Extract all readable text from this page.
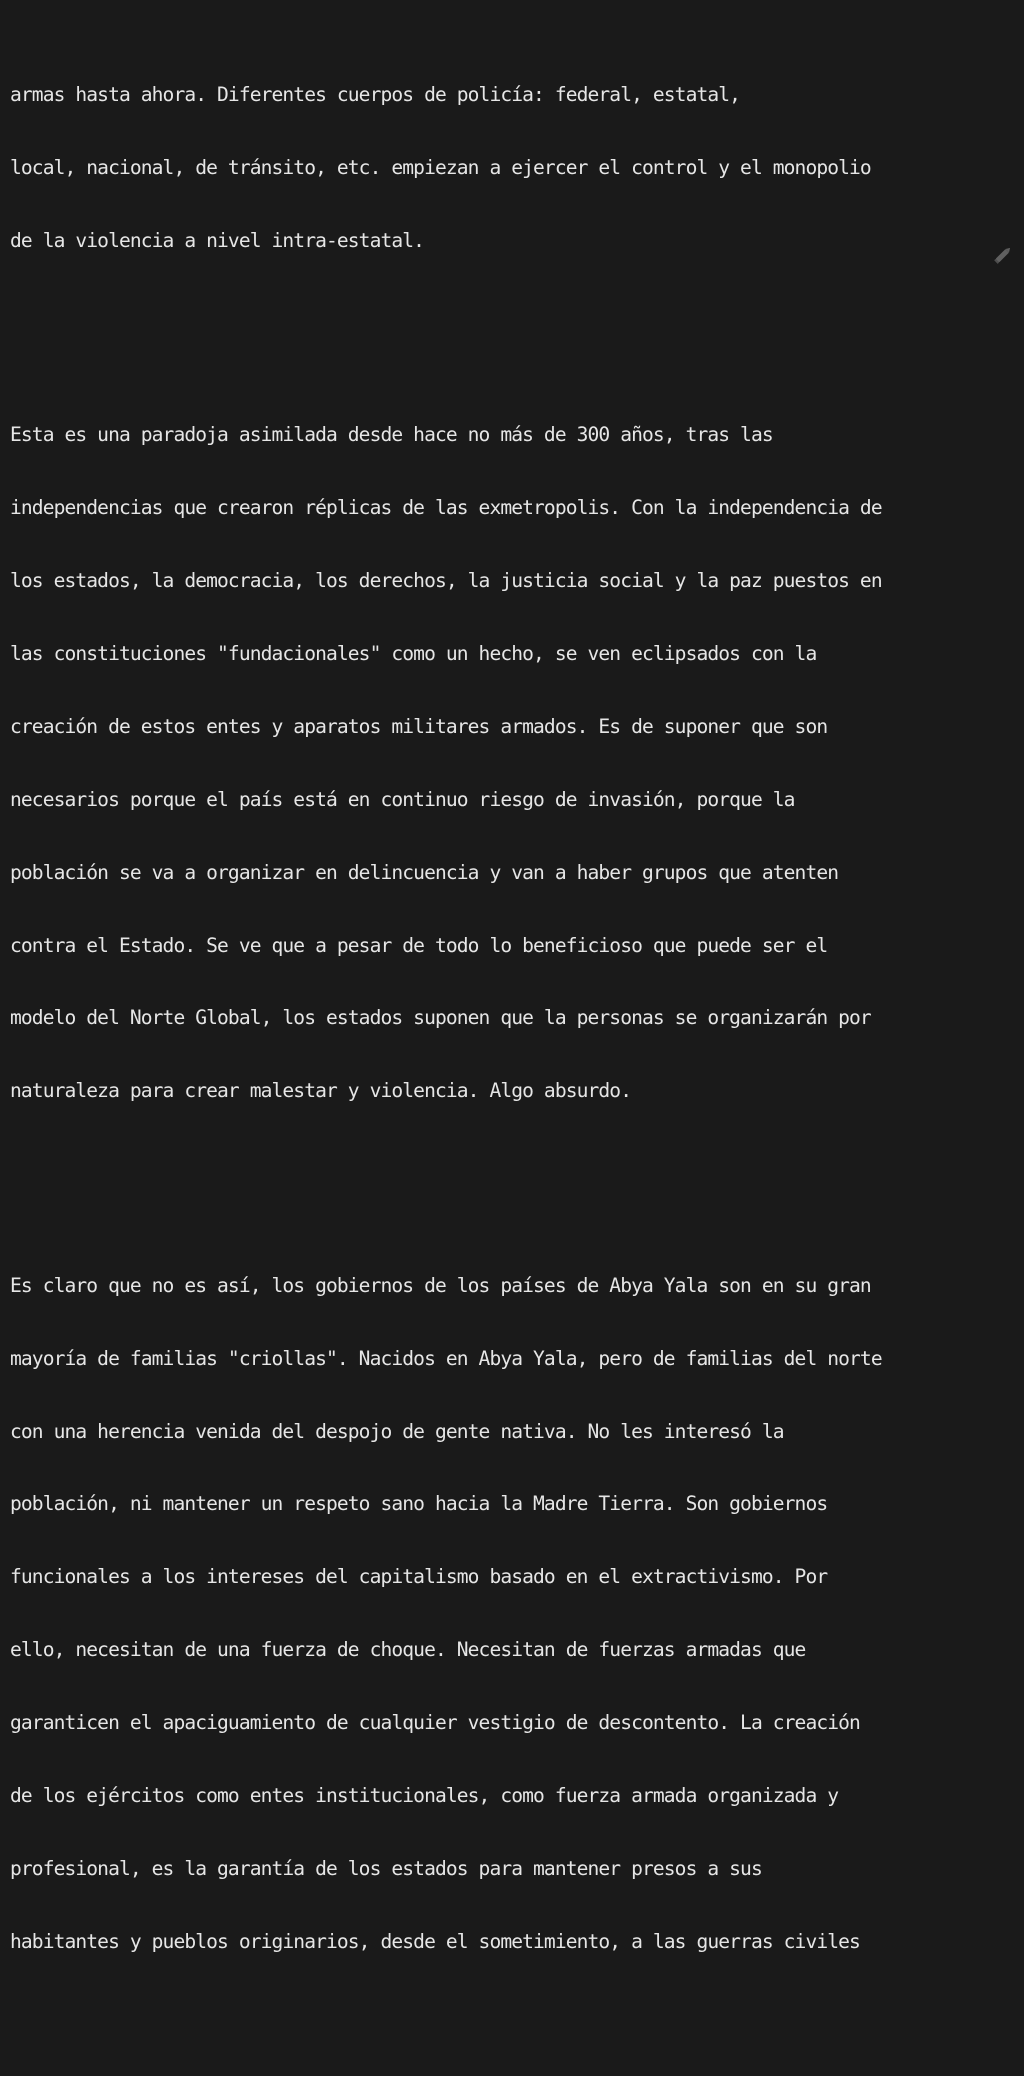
armas hasta ahora. Diferentes cuerpos de policía: federal, estatal,

local, nacional, de tránsito, etc. empiezan a ejercer el control y el monopolio

de la violencia a nivel intra-estatal.

Esta es una paradoja asimilada desde hace no más de 300 años, tras las

independencias que crearon réplicas de las exmetropolis. Con la independencia de

los estados, la democracia, los derechos, la justicia social y la paz puestos en

las constituciones "fundacionales" como un hecho, se ven eclipsados con la

creación de estos entes y aparatos militares armados. Es de suponer que son

necesarios porque el país está en continuo riesgo de invasión, porque la

población se va a organizar en delincuencia y van a haber grupos que atenten

contra el Estado. Se ve que a pesar de todo lo beneficioso que puede ser el

modelo del Norte Global, los estados suponen que la personas se organizarán por

naturaleza para crear malestar y violencia. Algo absurdo.

Es claro que no es así, los gobiernos de los países de Abya Yala son en su gran

mayoría de familias "criollas". Nacidos en Abya Yala, pero de familias del norte

con una herencia venida del despojo de gente nativa. No les interesó la

población, ni mantener un respeto sano hacia la Madre Tierra. Son gobiernos

funcionales a los intereses del capitalismo basado en el extractivismo. Por

ello, necesitan de una fuerza de choque. Necesitan de fuerzas armadas que

garanticen el apaciguamiento de cualquier vestigio de descontento. La creación

de los ejércitos como entes institucionales, como fuerza armada organizada y

profesional, es la garantía de los estados para mantener presos a sus

habitantes y pueblos originarios, desde el sometimiento, a las guerras civiles
